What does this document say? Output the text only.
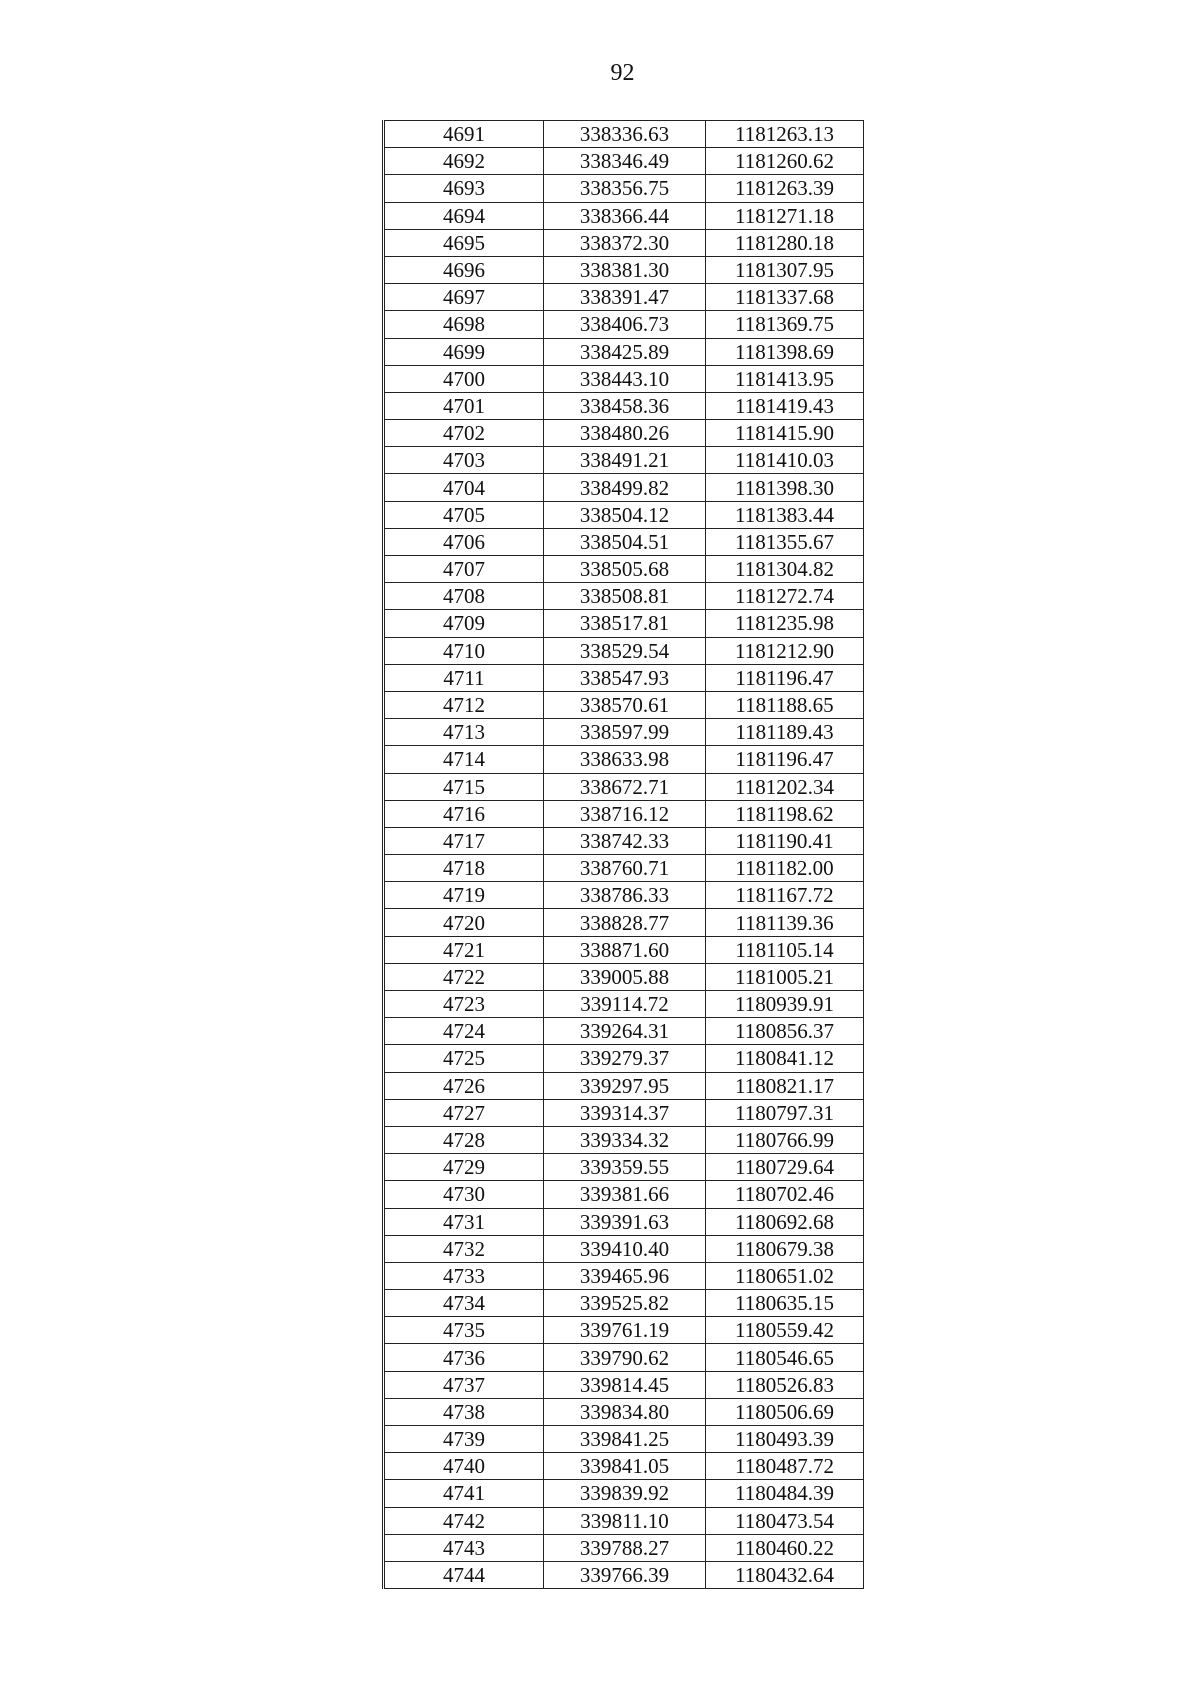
92
4691	338336.63	1181263.13
4692	338346.49	1181260.62
4693	338356.75	1181263.39
4694	338366.44	1181271.18
4695	338372.30	1181280.18
4696	338381.30	1181307.95
4697	338391.47	1181337.68
4698	338406.73	1181369.75
4699	338425.89	1181398.69
4700	338443.10	1181413.95
4701	338458.36	1181419.43
4702	338480.26	1181415.90
4703	338491.21	1181410.03
4704	338499.82	1181398.30
4705	338504.12	1181383.44
4706	338504.51	1181355.67
4707	338505.68	1181304.82
4708	338508.81	1181272.74
4709	338517.81	1181235.98
4710	338529.54	1181212.90
4711	338547.93	1181196.47
4712	338570.61	1181188.65
4713	338597.99	1181189.43
4714	338633.98	1181196.47
4715	338672.71	1181202.34
4716	338716.12	1181198.62
4717	338742.33	1181190.41
4718	338760.71	1181182.00
4719	338786.33	1181167.72
4720	338828.77	1181139.36
4721	338871.60	1181105.14
4722	339005.88	1181005.21
4723	339114.72	1180939.91
4724	339264.31	1180856.37
4725	339279.37	1180841.12
4726	339297.95	1180821.17
4727	339314.37	1180797.31
4728	339334.32	1180766.99
4729	339359.55	1180729.64
4730	339381.66	1180702.46
4731	339391.63	1180692.68
4732	339410.40	1180679.38
4733	339465.96	1180651.02
4734	339525.82	1180635.15
4735	339761.19	1180559.42
4736	339790.62	1180546.65
4737	339814.45	1180526.83
4738	339834.80	1180506.69
4739	339841.25	1180493.39
4740	339841.05	1180487.72
4741	339839.92	1180484.39
4742	339811.10	1180473.54
4743	339788.27	1180460.22
4744	339766.39	1180432.64
